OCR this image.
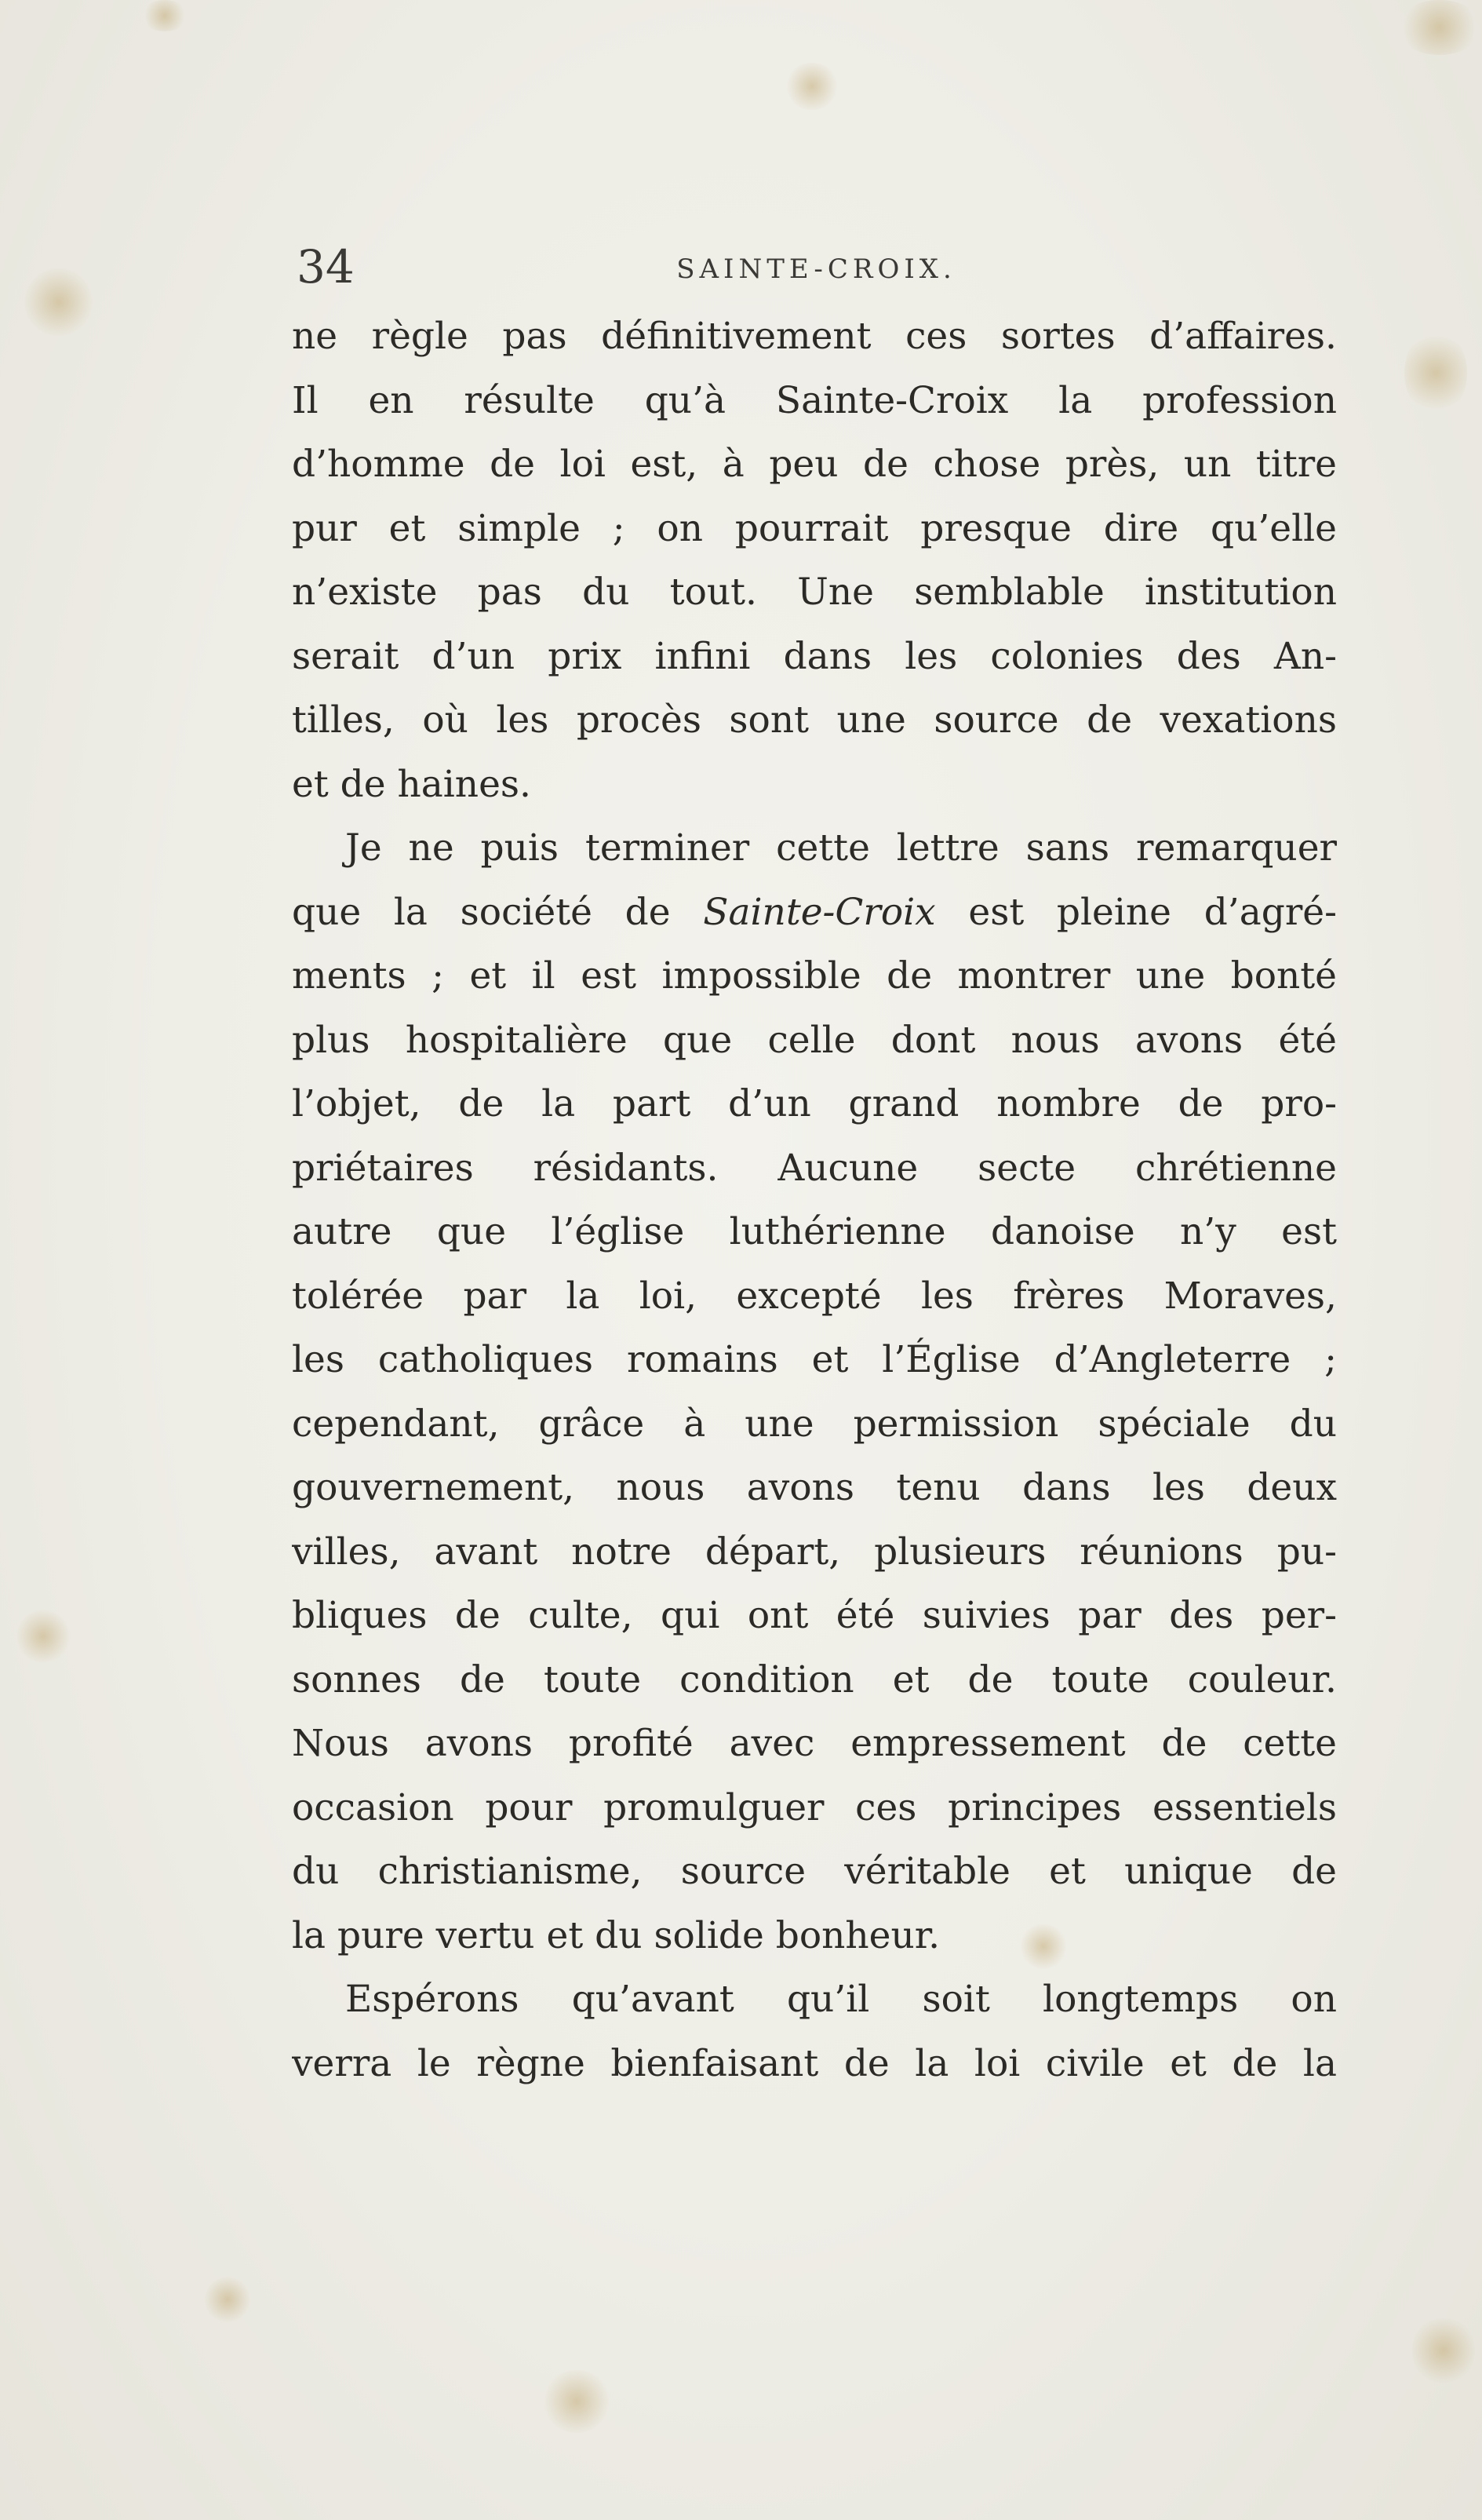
34	SAINTE-CROIX.
ne règle pas définitivement ces sortes d’affaires.
Il en résulte qu’à Sainte-Croix la profession
d’homme de loi est, à peu de chose près, un titre
pur et simple ; on pourrait presque dire qu’elle
n’existe pas du tout. Une semblable institution
serait d’un prix infini dans les colonies des An-
tilles, où les procès sont une source de vexations
et de haines.
Je ne puis terminer cette lettre sans remarquer
que la société de Sainte-Croix est pleine d’agré-
ments ; et il est impossible de montrer une bonté
plus hospitalière que celle dont nous avons été
l’objet, de la part d’un grand nombre de pro-
priétaires résidants. Aucune secte chrétienne
autre que l’église luthérienne danoise n’y est
tolérée par la loi, excepté les frères Moraves,
les catholiques romains et l’Église d’Angleterre ;
cependant, grâce à une permission spéciale du
gouvernement, nous avons tenu dans les deux
villes, avant notre départ, plusieurs réunions pu-
bliques de culte, qui ont été suivies par des per-
sonnes de toute condition et de toute couleur.
Nous avons profité avec empressement de cette
occasion pour promulguer ces principes essentiels
du christianisme, source véritable et unique de
la pure vertu et du solide bonheur.
Espérons qu’avant qu’il soit longtemps on
verra le règne bienfaisant de la loi civile et de la
